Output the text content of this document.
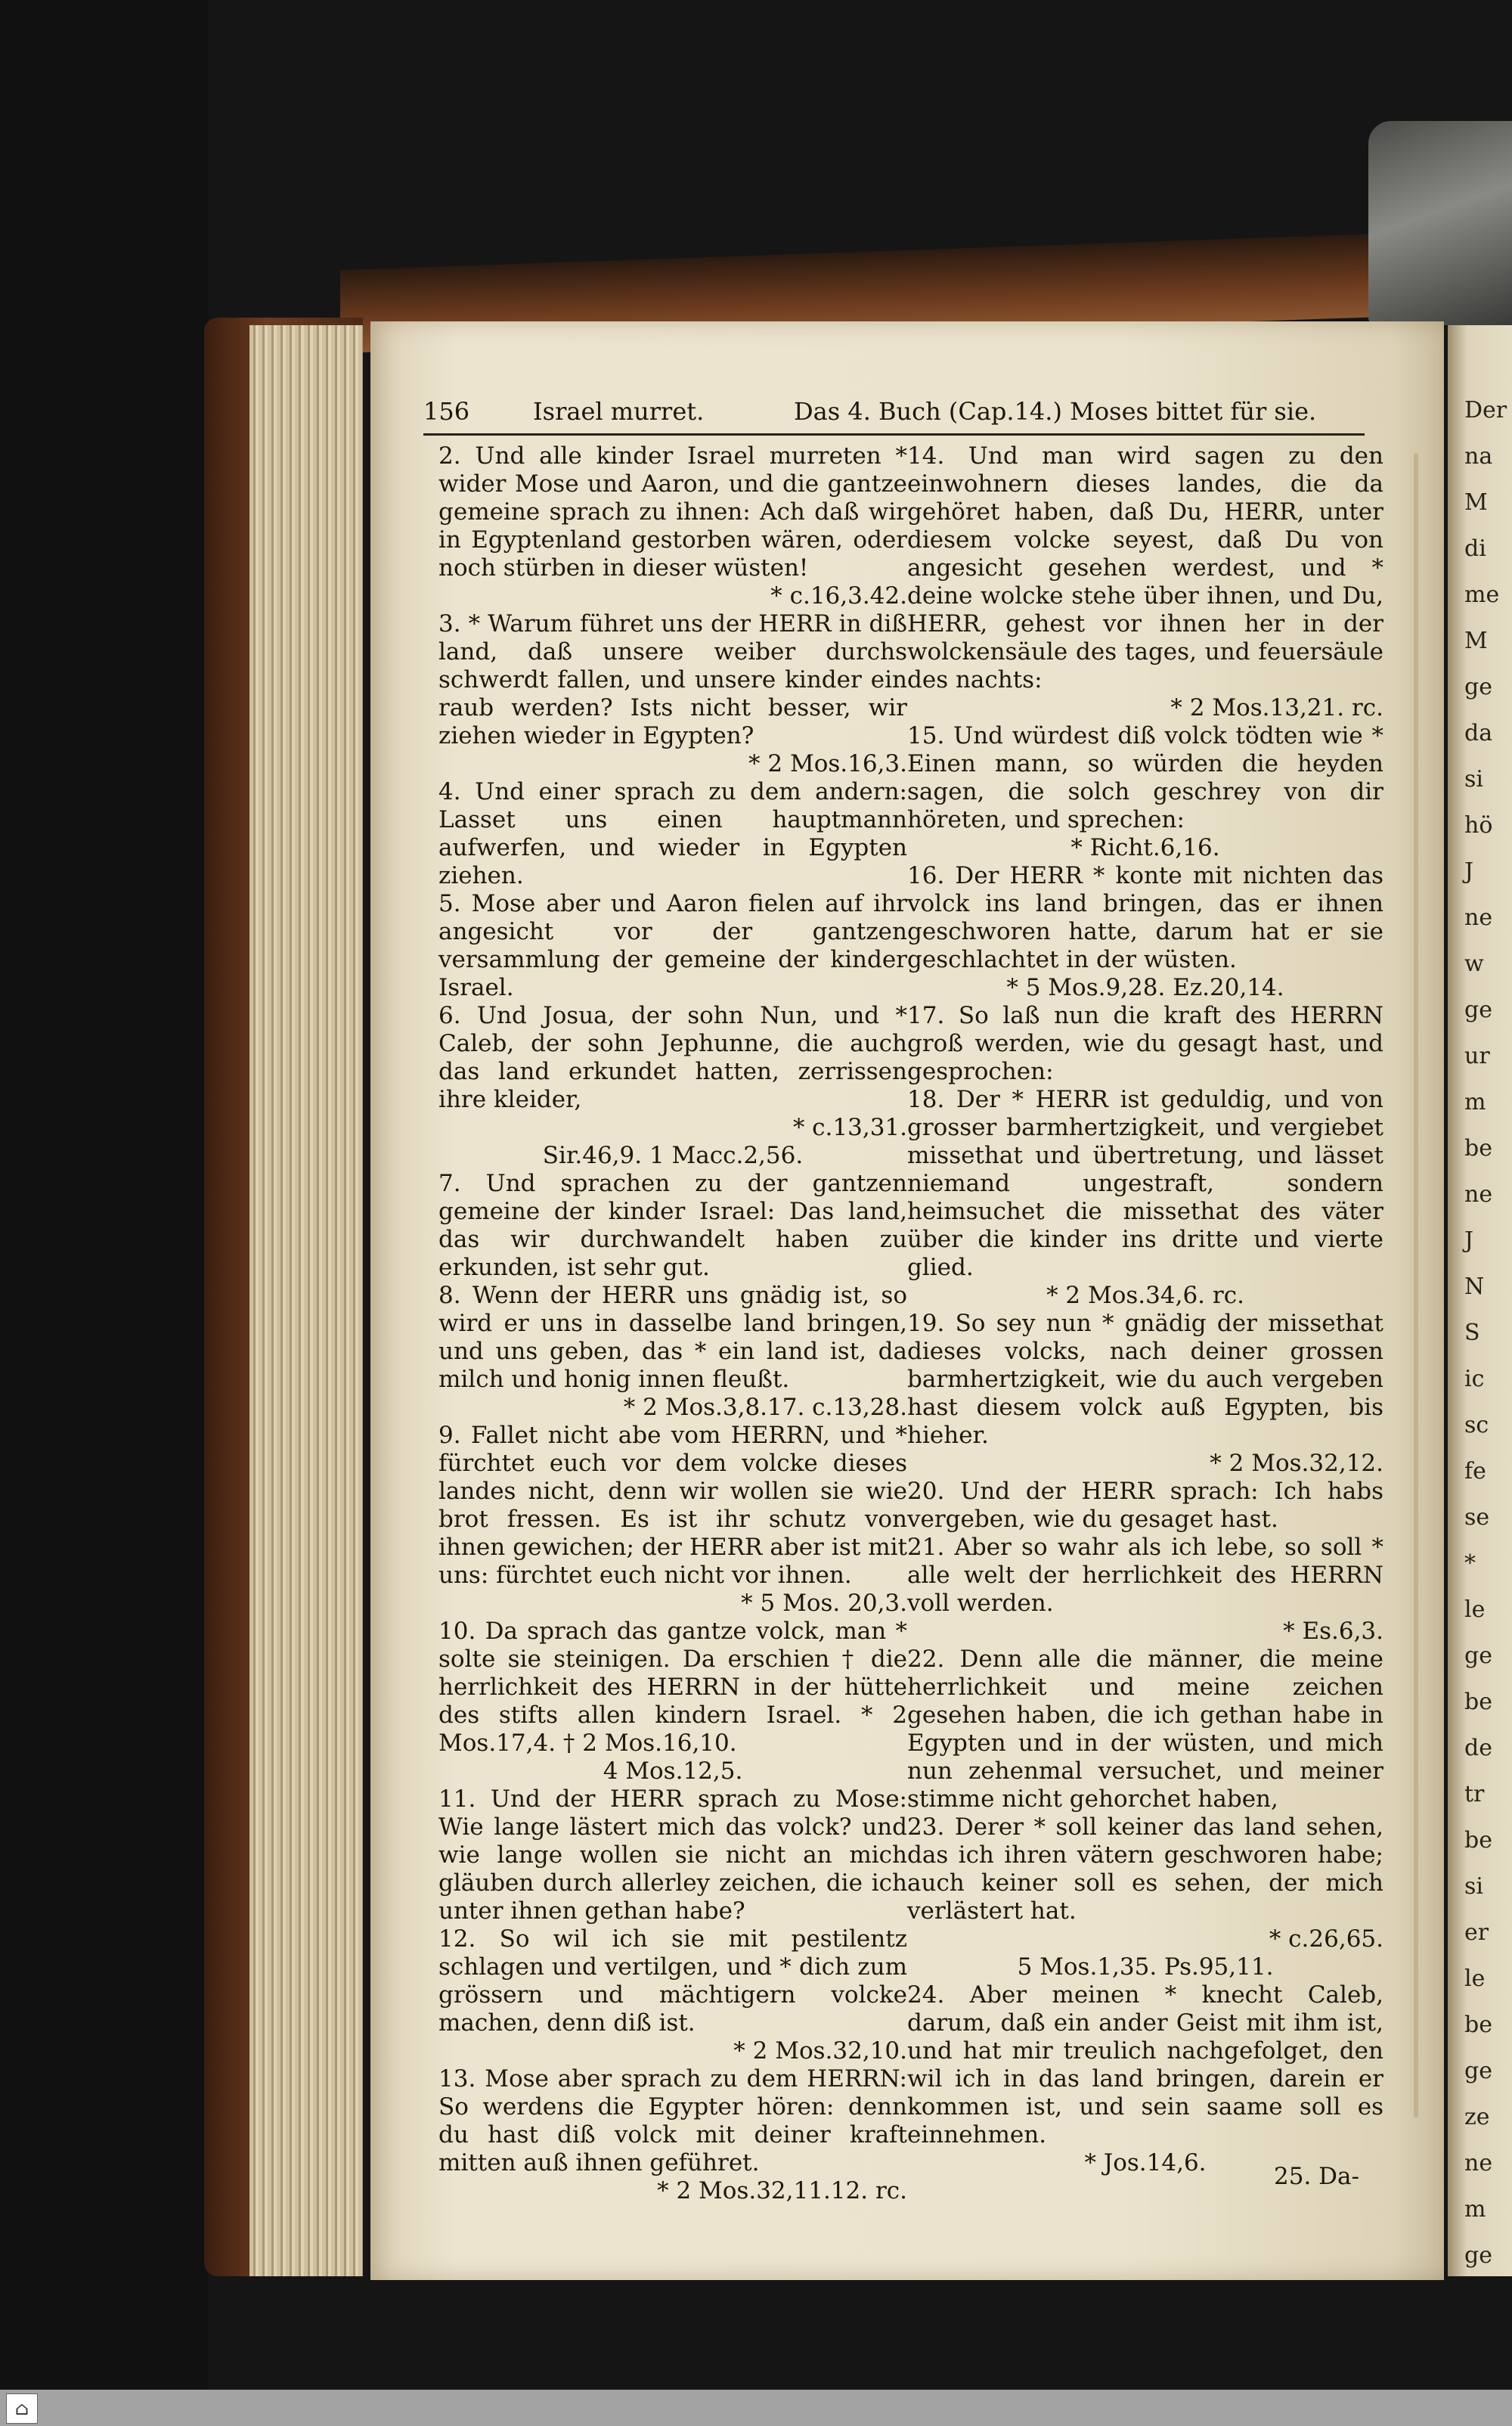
Der
na
M
di
me
M
ge
da
si
hö
J
ne
w
ge
ur
m
be
ne
J
N
S
ic
sc
fe
se
*
le
ge
be
de
tr
be
si
er
le
be
ge
ze
ne
m
ge
156	Israel murret.	Das 4. Buch (Cap.14.) Moses bittet für sie.

2. Und alle kinder Israel murreten * wider Mose und Aaron, und die gantze gemeine sprach zu ihnen: Ach daß wir in Egyptenland gestorben wären, oder noch stürben in dieser wüsten!

* c.16,3.42.

3. * Warum führet uns der HERR in diß land, daß unsere weiber durchs schwerdt fallen, und unsere kinder ein raub werden? Ists nicht besser, wir ziehen wieder in Egypten?

* 2 Mos.16,3.

4. Und einer sprach zu dem andern: Lasset uns einen hauptmann aufwerfen, und wieder in Egypten ziehen.

5. Mose aber und Aaron fielen auf ihr angesicht vor der gantzen versammlung der gemeine der kinder Israel.

6. Und Josua, der sohn Nun, und * Caleb, der sohn Jephunne, die auch das land erkundet hatten, zerrissen ihre kleider,

* c.13,31.

Sir.46,9. 1 Macc.2,56.

7. Und sprachen zu der gantzen gemeine der kinder Israel: Das land, das wir durchwandelt haben zu erkunden, ist sehr gut.

8. Wenn der HERR uns gnädig ist, so wird er uns in dasselbe land bringen, und uns geben, das * ein land ist, da milch und honig innen fleußt.

* 2 Mos.3,8.17. c.13,28.

9. Fallet nicht abe vom HERRN, und * fürchtet euch vor dem volcke dieses landes nicht, denn wir wollen sie wie brot fressen. Es ist ihr schutz von ihnen gewichen; der HERR aber ist mit uns: fürchtet euch nicht vor ihnen.

* 5 Mos. 20,3.

10. Da sprach das gantze volck, man * solte sie steinigen. Da erschien † die herrlichkeit des HERRN in der hütte des stifts allen kindern Israel. * 2 Mos.17,4. † 2 Mos.16,10.

4 Mos.12,5.

11. Und der HERR sprach zu Mose: Wie lange lästert mich das volck? und wie lange wollen sie nicht an mich gläuben durch allerley zeichen, die ich unter ihnen gethan habe?

12. So wil ich sie mit pestilentz schlagen und vertilgen, und * dich zum grössern und mächtigern volcke machen, denn diß ist.

* 2 Mos.32,10.

13. Mose aber sprach zu dem HERRN: So werdens die Egypter hören: denn du hast diß volck mit deiner kraft mitten auß ihnen geführet.

* 2 Mos.32,11.12. rc.

14. Und man wird sagen zu den einwohnern dieses landes, die da gehöret haben, daß Du, HERR, unter diesem volcke seyest, daß Du von angesicht gesehen werdest, und * deine wolcke stehe über ihnen, und Du, HERR, gehest vor ihnen her in der wolckensäule des tages, und feuersäule des nachts:

* 2 Mos.13,21. rc.

15. Und würdest diß volck tödten wie * Einen mann, so würden die heyden sagen, die solch geschrey von dir höreten, und sprechen:

* Richt.6,16.

16. Der HERR * konte mit nichten das volck ins land bringen, das er ihnen geschworen hatte, darum hat er sie geschlachtet in der wüsten.

* 5 Mos.9,28. Ez.20,14.

17. So laß nun die kraft des HERRN groß werden, wie du gesagt hast, und gesprochen:

18. Der * HERR ist geduldig, und von grosser barmhertzigkeit, und vergiebet missethat und übertretung, und lässet niemand ungestraft, sondern heimsuchet die missethat des väter über die kinder ins dritte und vierte glied.

* 2 Mos.34,6. rc.

19. So sey nun * gnädig der missethat dieses volcks, nach deiner grossen barmhertzigkeit, wie du auch vergeben hast diesem volck auß Egypten, bis hieher.

* 2 Mos.32,12.

20. Und der HERR sprach: Ich habs vergeben, wie du gesaget hast.

21. Aber so wahr als ich lebe, so soll * alle welt der herrlichkeit des HERRN voll werden.

* Es.6,3.

22. Denn alle die männer, die meine herrlichkeit und meine zeichen gesehen haben, die ich gethan habe in Egypten und in der wüsten, und mich nun zehenmal versuchet, und meiner stimme nicht gehorchet haben,

23. Derer * soll keiner das land sehen, das ich ihren vätern geschworen habe; auch keiner soll es sehen, der mich verlästert hat.

* c.26,65.

5 Mos.1,35. Ps.95,11.

24. Aber meinen * knecht Caleb, darum, daß ein ander Geist mit ihm ist, und hat mir treulich nachgefolget, den wil ich in das land bringen, darein er kommen ist, und sein saame soll es einnehmen.

* Jos.14,6.	25. Da-
⌂
